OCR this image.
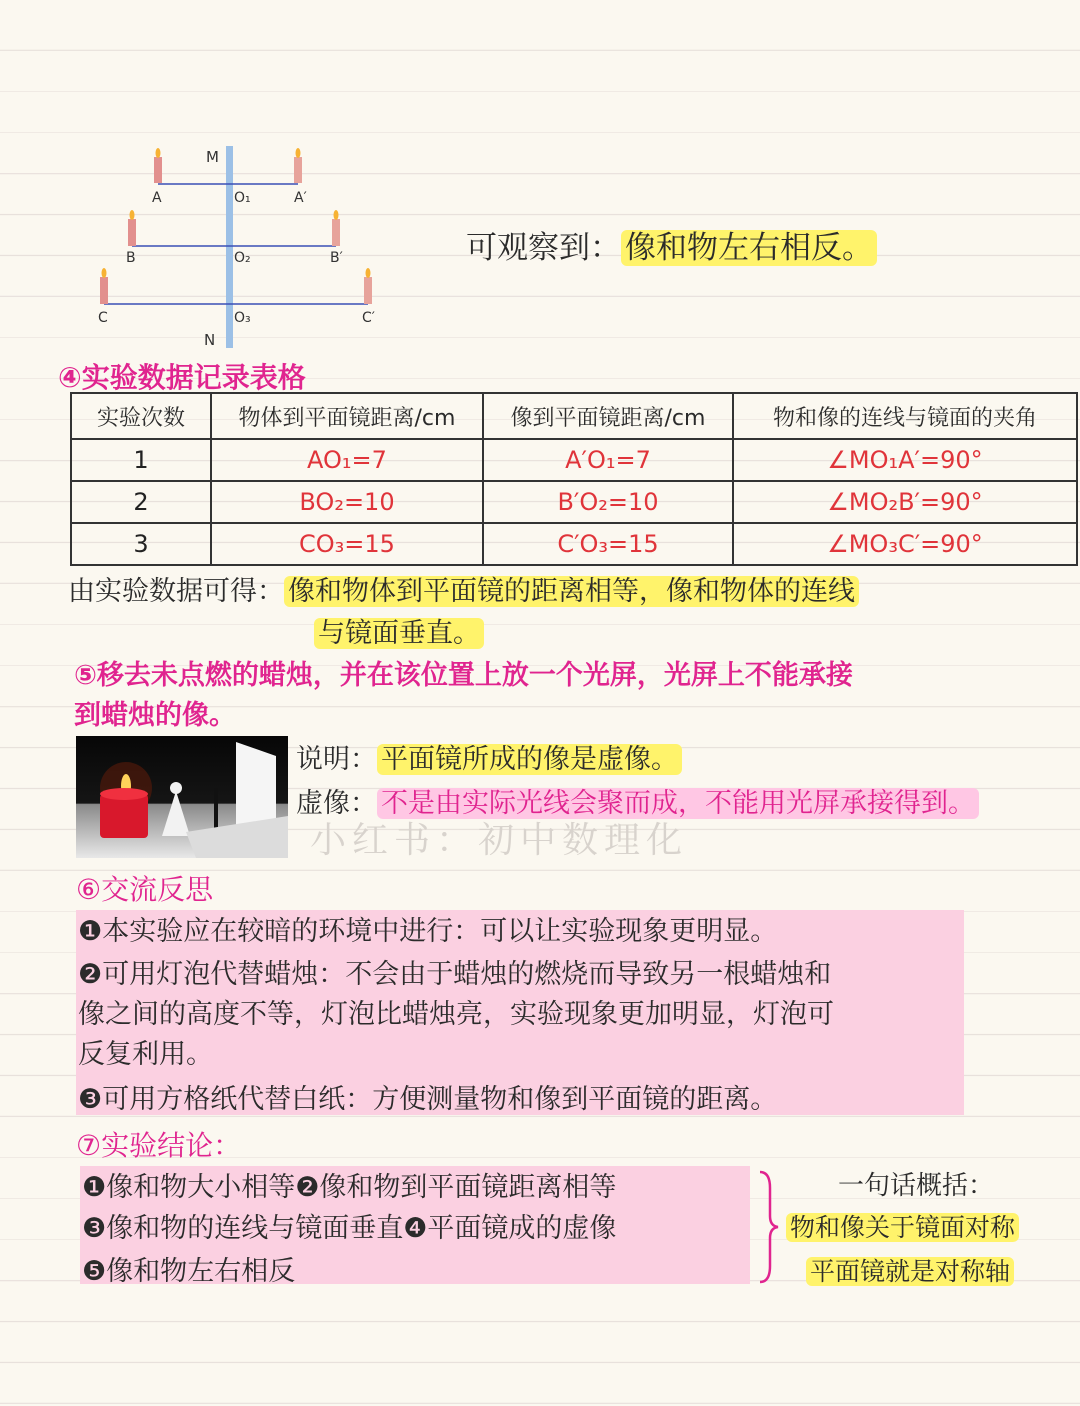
M
N
A	O₁	A′
B	O₂	B′
C	O₃	C′
可观察到： 像和物左右相反。
④实验数据记录表格
实验次数	物体到平面镜距离/cm	像到平面镜距离/cm	物和像的连线与镜面的夹角
1	AO₁=7	A′O₁=7	∠MO₁A′=90°
2	BO₂=10	B′O₂=10	∠MO₂B′=90°
3	CO₃=15	C′O₃=15	∠MO₃C′=90°
由实验数据可得： 像和物体到平面镜的距离相等，像和物体的连线
与镜面垂直。
⑤移去未点燃的蜡烛，并在该位置上放一个光屏，光屏上不能承接
到蜡烛的像。
说明： 平面镜所成的像是虚像。
虚像： 不是由实际光线会聚而成，不能用光屏承接得到。
小红书：初中数理化
⑥交流反思
❶本实验应在较暗的环境中进行：可以让实验现象更明显。
❷可用灯泡代替蜡烛：不会由于蜡烛的燃烧而导致另一根蜡烛和
像之间的高度不等，灯泡比蜡烛亮，实验现象更加明显，灯泡可
反复利用。
❸可用方格纸代替白纸：方便测量物和像到平面镜的距离。
⑦实验结论：
❶像和物大小相等❷像和物到平面镜距离相等
❸像和物的连线与镜面垂直❹平面镜成的虚像
❺像和物左右相反
一句话概括：
物和像关于镜面对称
平面镜就是对称轴
